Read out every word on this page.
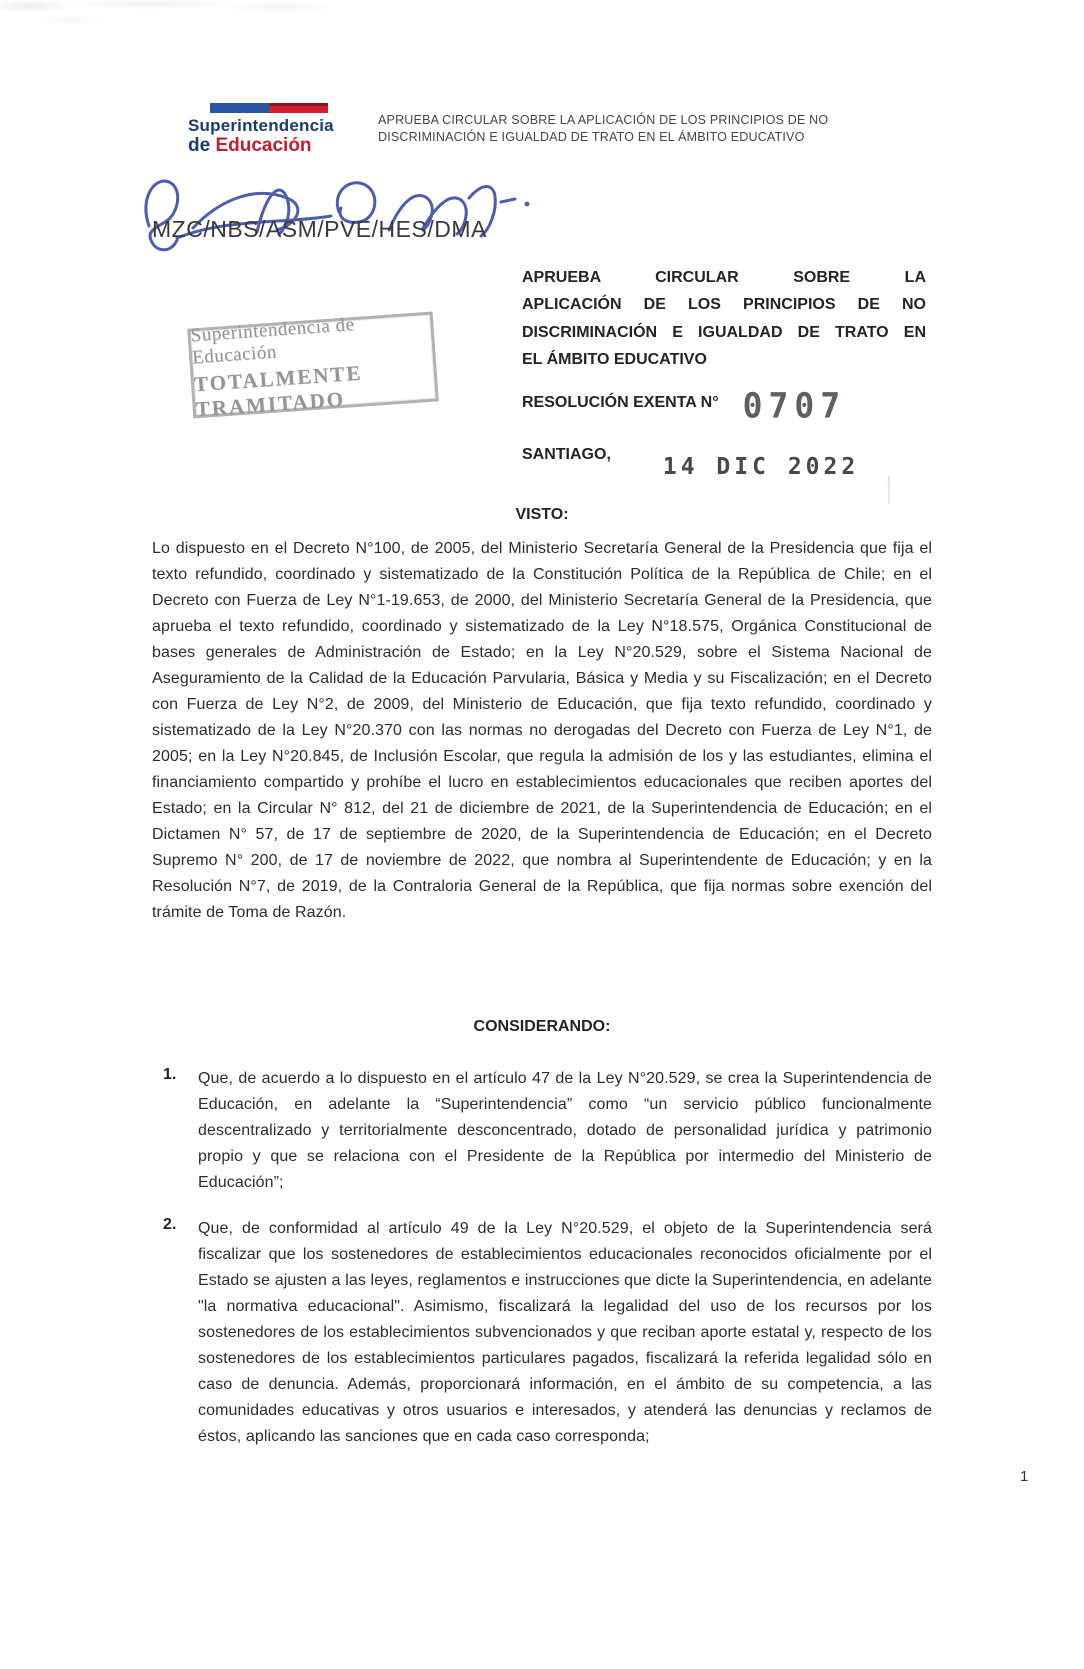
Superintendencia
de Educación
APRUEBA CIRCULAR SOBRE LA APLICACIÓN DE LOS PRINCIPIOS DE NO
DISCRIMINACIÓN E IGUALDAD DE TRATO EN EL ÁMBITO EDUCATIVO
MZC/NBS/ASM/PVE/HES/DMA
Superintendencia de Educación
TOTALMENTE TRAMITADO
APRUEBA CIRCULAR SOBRE LA
APLICACIÓN DE LOS PRINCIPIOS DE NO
DISCRIMINACIÓN E IGUALDAD DE TRATO EN
EL ÁMBITO EDUCATIVO
RESOLUCIÓN EXENTA N° 0707
SANTIAGO, 14 DIC 2022
VISTO:
Lo dispuesto en el Decreto N°100, de 2005, del Ministerio Secretaría General de la Presidencia que fija el texto refundido, coordinado y sistematizado de la Constitución Política de la República de Chile; en el Decreto con Fuerza de Ley N°1-19.653, de 2000, del Ministerio Secretaría General de la Presidencia, que aprueba el texto refundido, coordinado y sistematizado de la Ley N°18.575, Orgánica Constitucional de bases generales de Administración de Estado; en la Ley N°20.529, sobre el Sistema Nacional de Aseguramiento de la Calidad de la Educación Parvularia, Básica y Media y su Fiscalización; en el Decreto con Fuerza de Ley N°2, de 2009, del Ministerio de Educación, que fija texto refundido, coordinado y sistematizado de la Ley N°20.370 con las normas no derogadas del Decreto con Fuerza de Ley N°1, de 2005; en la Ley N°20.845, de Inclusión Escolar, que regula la admisión de los y las estudiantes, elimina el financiamiento compartido y prohíbe el lucro en establecimientos educacionales que reciben aportes del Estado; en la Circular N° 812, del 21 de diciembre de 2021, de la Superintendencia de Educación; en el Dictamen N° 57, de 17 de septiembre de 2020, de la Superintendencia de Educación; en el Decreto Supremo N° 200, de 17 de noviembre de 2022, que nombra al Superintendente de Educación; y en la Resolución N°7, de 2019, de la Contraloria General de la República, que fija normas sobre exención del trámite de Toma de Razón.
CONSIDERANDO:
1. Que, de acuerdo a lo dispuesto en el artículo 47 de la Ley N°20.529, se crea la Superintendencia de Educación, en adelante la “Superintendencia” como “un servicio público funcionalmente descentralizado y territorialmente desconcentrado, dotado de personalidad jurídica y patrimonio propio y que se relaciona con el Presidente de la República por intermedio del Ministerio de Educación”;
2. Que, de conformidad al artículo 49 de la Ley N°20.529, el objeto de la Superintendencia será fiscalizar que los sostenedores de establecimientos educacionales reconocidos oficialmente por el Estado se ajusten a las leyes, reglamentos e instrucciones que dicte la Superintendencia, en adelante "la normativa educacional". Asimismo, fiscalizará la legalidad del uso de los recursos por los sostenedores de los establecimientos subvencionados y que reciban aporte estatal y, respecto de los sostenedores de los establecimientos particulares pagados, fiscalizará la referida legalidad sólo en caso de denuncia. Además, proporcionará información, en el ámbito de su competencia, a las comunidades educativas y otros usuarios e interesados, y atenderá las denuncias y reclamos de éstos, aplicando las sanciones que en cada caso corresponda;
1
